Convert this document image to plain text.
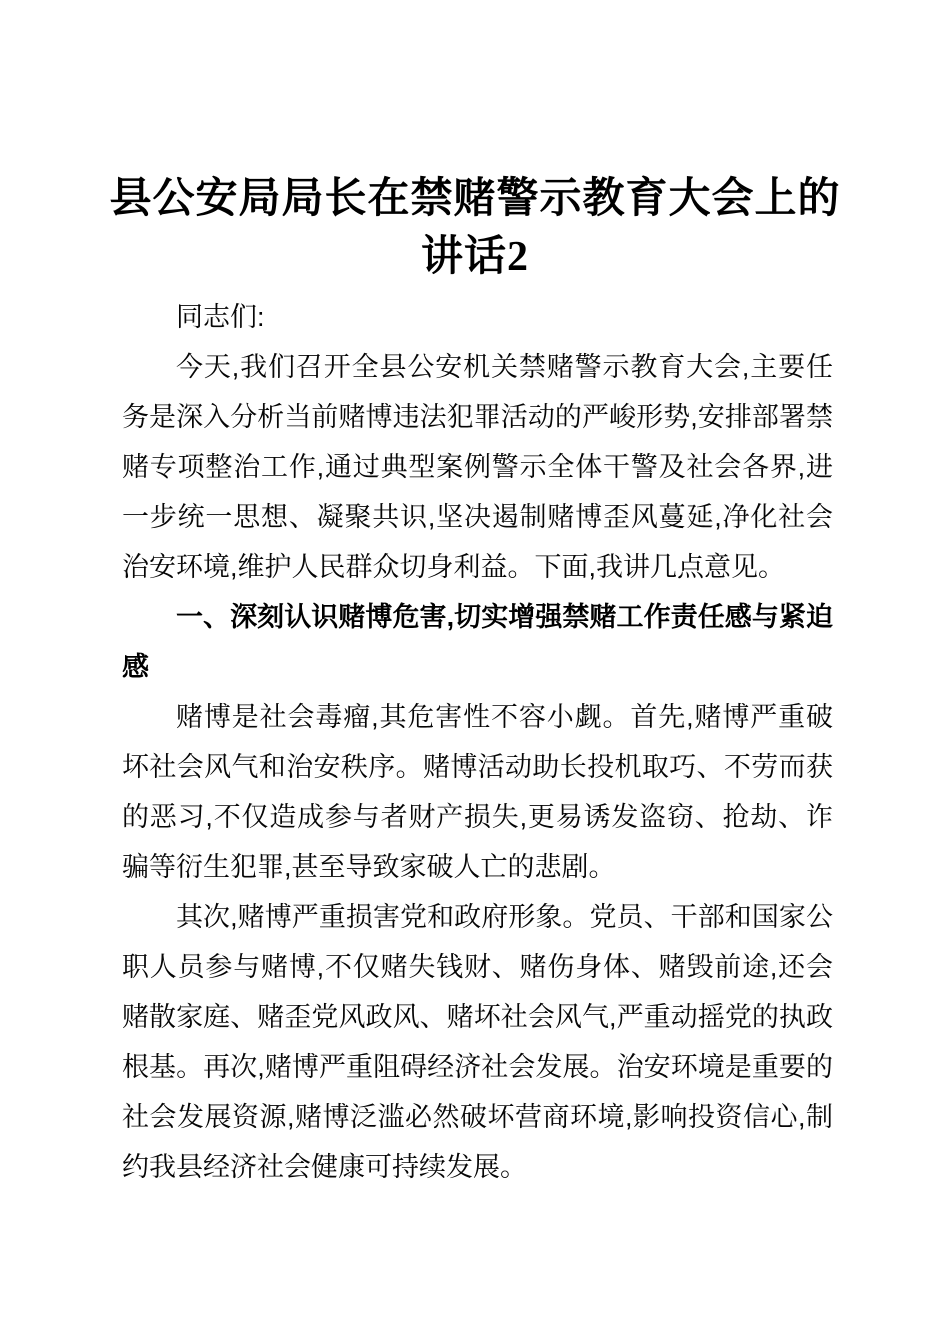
县公安局局长在禁赌警示教育大会上的
讲话2

同志们:

今天,我们召开全县公安机关禁赌警示教育大会,主要任务是深入分析当前赌博违法犯罪活动的严峻形势,安排部署禁赌专项整治工作,通过典型案例警示全体干警及社会各界,进一步统一思想、凝聚共识,坚决遏制赌博歪风蔓延,净化社会治安环境,维护人民群众切身利益。下面,我讲几点意见。

一、深刻认识赌博危害,切实增强禁赌工作责任感与紧迫感

赌博是社会毒瘤,其危害性不容小觑。首先,赌博严重破坏社会风气和治安秩序。赌博活动助长投机取巧、不劳而获的恶习,不仅造成参与者财产损失,更易诱发盗窃、抢劫、诈骗等衍生犯罪,甚至导致家破人亡的悲剧。

其次,赌博严重损害党和政府形象。党员、干部和国家公职人员参与赌博,不仅赌失钱财、赌伤身体、赌毁前途,还会赌散家庭、赌歪党风政风、赌坏社会风气,严重动摇党的执政根基。再次,赌博严重阻碍经济社会发展。治安环境是重要的社会发展资源,赌博泛滥必然破坏营商环境,影响投资信心,制约我县经济社会健康可持续发展。
